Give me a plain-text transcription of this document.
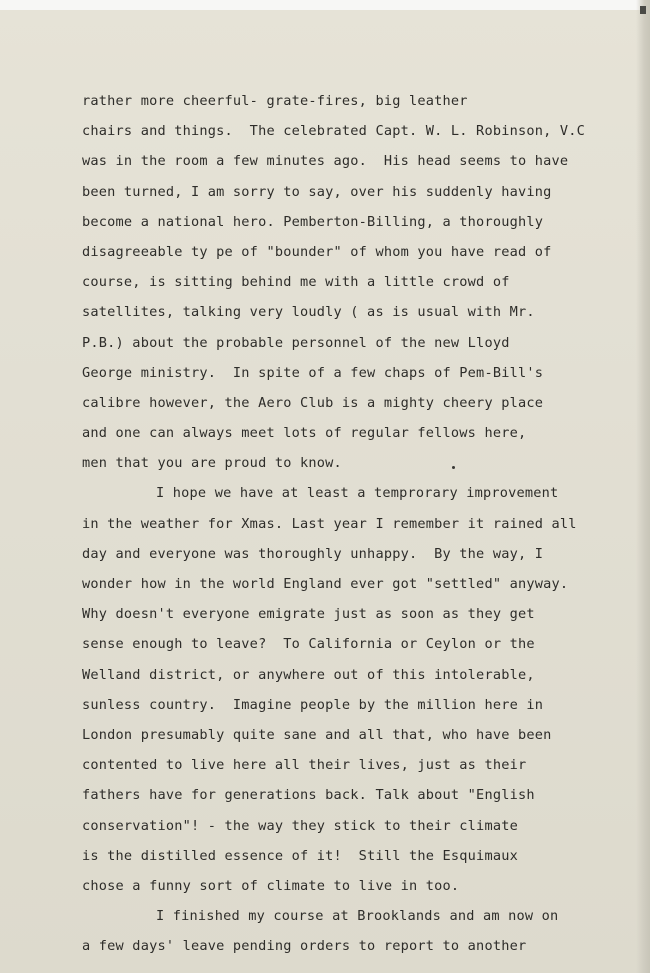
rather more cheerful- grate-fires, big leather
chairs and things.  The celebrated Capt. W. L. Robinson, V.C
was in the room a few minutes ago.  His head seems to have
been turned, I am sorry to say, over his suddenly having
become a national hero. Pemberton-Billing, a thoroughly
disagreeable ty pe of "bounder" of whom you have read of
course, is sitting behind me with a little crowd of
satellites, talking very loudly ( as is usual with Mr.
P.B.) about the probable personnel of the new Lloyd
George ministry.  In spite of a few chaps of Pem-Bill's
calibre however, the Aero Club is a mighty cheery place
and one can always meet lots of regular fellows here,
men that you are proud to know.
I hope we have at least a temprorary improvement
in the weather for Xmas. Last year I remember it rained all
day and everyone was thoroughly unhappy.  By the way, I
wonder how in the world England ever got "settled" anyway.
Why doesn't everyone emigrate just as soon as they get
sense enough to leave?  To California or Ceylon or the
Welland district, or anywhere out of this intolerable,
sunless country.  Imagine people by the million here in
London presumably quite sane and all that, who have been
contented to live here all their lives, just as their
fathers have for generations back. Talk about "English
conservation"! - the way they stick to their climate
is the distilled essence of it!  Still the Esquimaux
chose a funny sort of climate to live in too.
I finished my course at Brooklands and am now on
a few days' leave pending orders to report to another
